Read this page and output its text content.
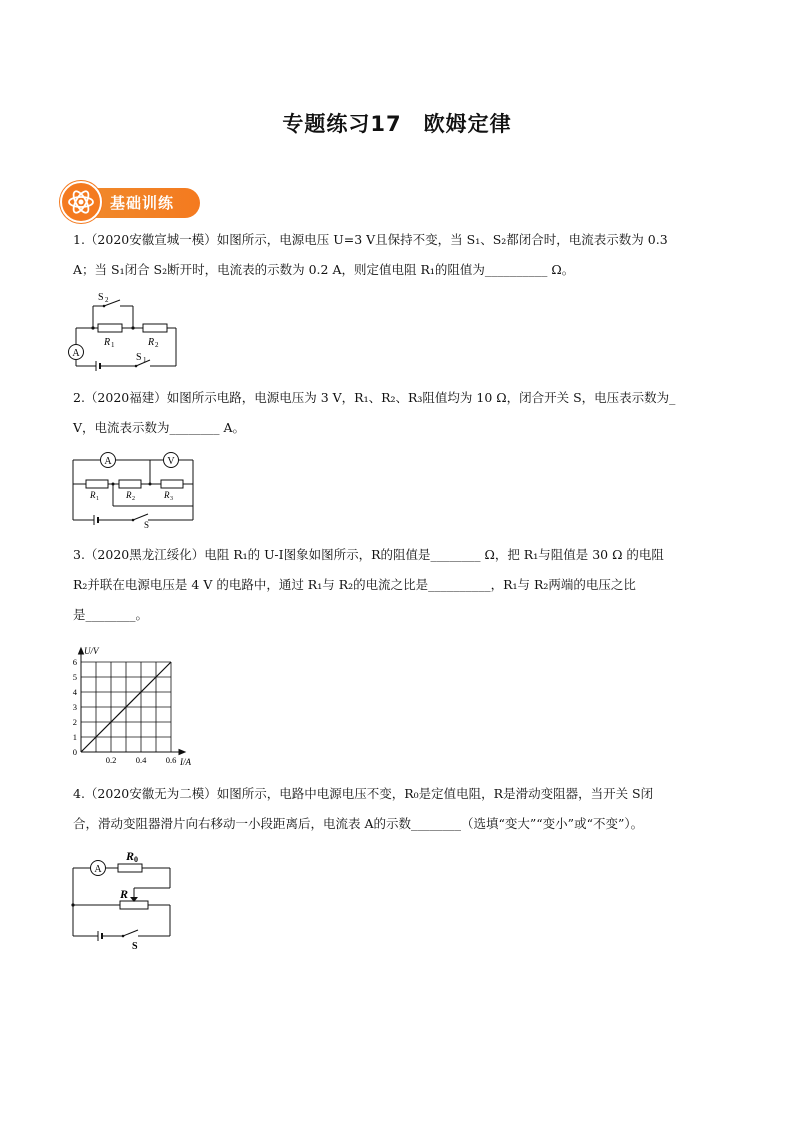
专题练习17　欧姆定律
基础训练
1.（2020安徽宣城一模）如图所示，电源电压 U=3 V且保持不变，当 S₁、S₂都闭合时，电流表示数为 0.3
A；当 S₁闭合 S₂断开时，电流表的示数为 0.2 A，则定值电阻 R₁的阻值为__________ Ω。
A
S 2
R 1	R 2
S 1
2.（2020福建）如图所示电路，电源电压为 3 V，R₁、R₂、R₃阻值均为 10 Ω，闭合开关 S，电压表示数为_
V，电流表示数为________ A。
A	V
R 1	R 2	R 3
S
3.（2020黑龙江绥化）电阻 R₁的 U-I图象如图所示，R的阻值是________ Ω，把 R₁与阻值是 30 Ω 的电阻
R₂并联在电源电压是 4 V 的电路中，通过 R₁与 R₂的电流之比是__________，R₁与 R₂两端的电压之比
是________。
0
1
2
3
4
5
6
0.2 0.4 0.6
U/V
I/A
4.（2020安徽无为二模）如图所示，电路中电源电压不变，R₀是定值电阻，R是滑动变阻器，当开关 S闭
合，滑动变阻器滑片向右移动一小段距离后，电流表 A的示数________（选填“变大”“变小”或“不变”）。
A
R 0
R
S
